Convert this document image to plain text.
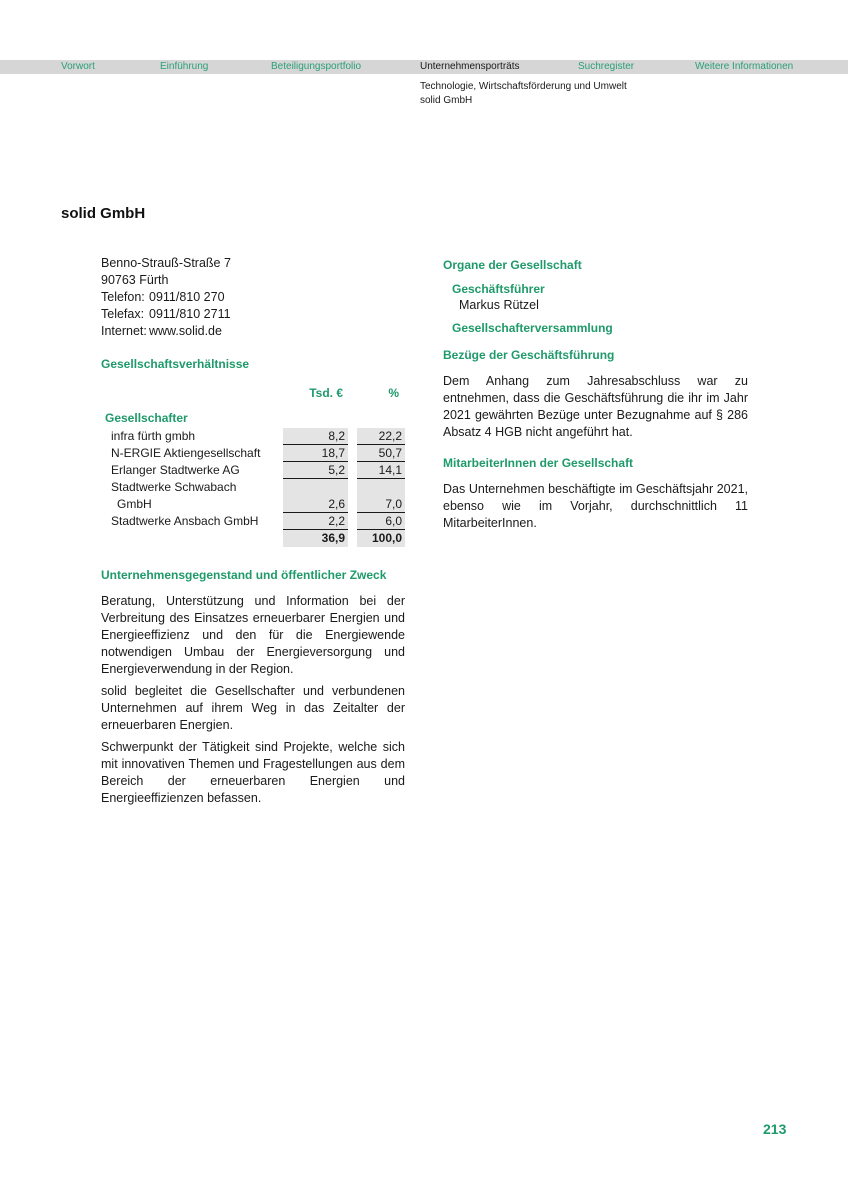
Vorwort	Einführung	Beteiligungsportfolio	Unternehmensporträts	Suchregister	Weitere Informationen
Technologie, Wirtschaftsförderung und Umwelt
solid GmbH
solid GmbH
Benno-Strauß-Straße 7
90763 Fürth
Telefon: 0911/810 270
Telefax: 0911/810 2711
Internet: www.solid.de
Gesellschaftsverhältnisse
Tsd. €	%
Gesellschafter
infra fürth gmbh	8,2	22,2
N-ERGIE Aktiengesellschaft	18,7	50,7
Erlanger Stadtwerke AG	5,2	14,1
Stadtwerke Schwabach
GmbH	2,6	7,0
Stadtwerke Ansbach GmbH	2,2	6,0

36,9	100,0
Unternehmensgegenstand und öffentlicher Zweck

Beratung, Unterstützung und Information bei der Verbreitung des Einsatzes erneuerbarer Energien und Energieeffizienz und den für die Energiewende notwendigen Umbau der Energieversorgung und Energieverwendung in der Region.

solid begleitet die Gesellschafter und verbundenen Unternehmen auf ihrem Weg in das Zeitalter der erneuerbaren Energien.

Schwerpunkt der Tätigkeit sind Projekte, welche sich mit innovativen Themen und Fragestellungen aus dem Bereich der erneuerbaren Energien und Energieeffizienzen befassen.

Organe der Gesellschaft
Geschäftsführer
Markus Rützel
Gesellschafterversammlung
Bezüge der Geschäftsführung

Dem Anhang zum Jahresabschluss war zu entnehmen, dass die Geschäftsführung die ihr im Jahr 2021 gewährten Bezüge unter Bezugnahme auf § 286 Absatz 4 HGB nicht angeführt hat.

MitarbeiterInnen der Gesellschaft

Das Unternehmen beschäftigte im Geschäftsjahr 2021, ebenso wie im Vorjahr, durchschnittlich 11 MitarbeiterInnen.

213
